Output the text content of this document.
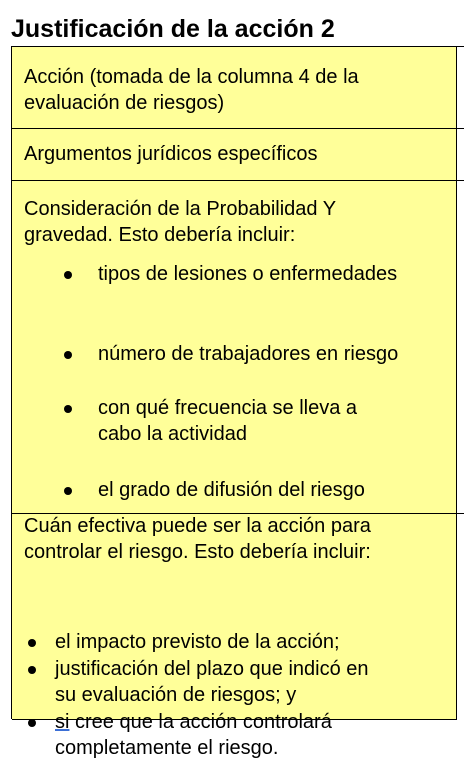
Justificación de la acción 2

Acción (tomada de la columna 4 de la
evaluación de riesgos)

Argumentos jurídicos específicos

Consideración de la Probabilidad Y
gravedad. Esto debería incluir:

tipos de lesiones o enfermedades

número de trabajadores en riesgo

con qué frecuencia se lleva a
cabo la actividad

el grado de difusión del riesgo

Cuán efectiva puede ser la acción para
controlar el riesgo. Esto debería incluir:

el impacto previsto de la acción;

justificación del plazo que indicó en
su evaluación de riesgos; y

si cree que la acción controlará
completamente el riesgo.
